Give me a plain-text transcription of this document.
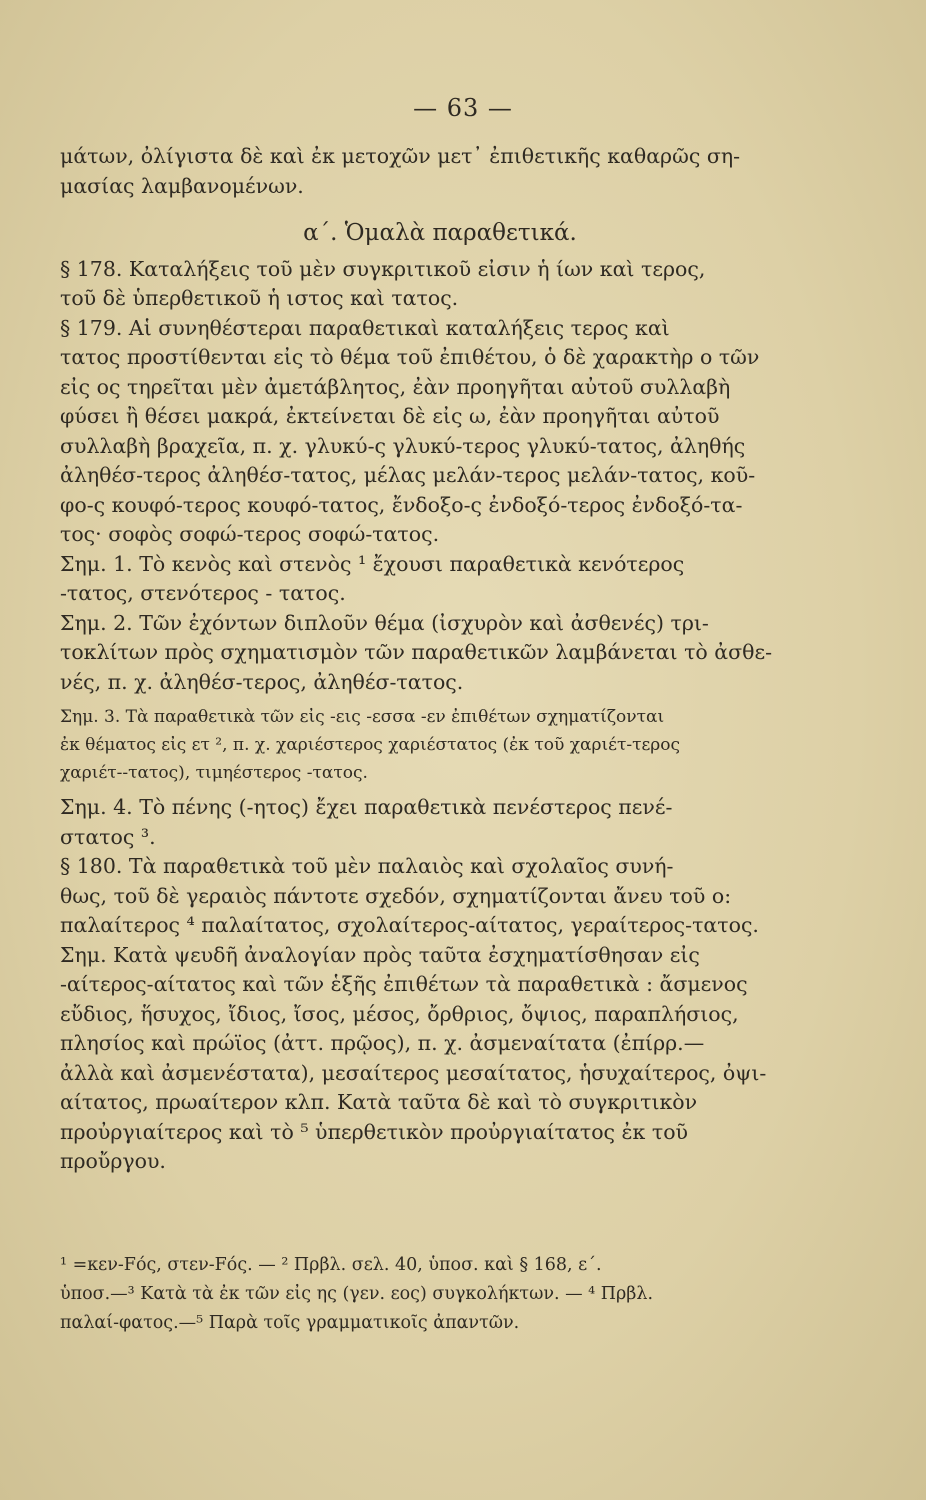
— 63 —
μάτων, ὀλίγιστα δὲ καὶ ἐκ μετοχῶν μετ᾽ ἐπιθετικῆς καθαρῶς ση-
μασίας λαμβανομένων.
α΄. Ὁμαλὰ παραθετικά.
§ 178. Καταλήξεις τοῦ μὲν συγκριτικοῦ εἰσιν ἡ ίων καὶ τερος,
τοῦ δὲ ὑπερθετικοῦ ἡ ιστος καὶ τατος.
§ 179. Αἱ συνηθέστεραι παραθετικαὶ καταλήξεις τερος καὶ
τατος προστίθενται εἰς τὸ θέμα τοῦ ἐπιθέτου, ὁ δὲ χαρακτὴρ ο τῶν
εἰς ος τηρεῖται μὲν ἀμετάβλητος, ἐὰν προηγῆται αὐτοῦ συλλαβὴ
φύσει ἢ θέσει μακρά, ἐκτείνεται δὲ εἰς ω, ἐὰν προηγῆται αὐτοῦ
συλλαβὴ βραχεῖα, π. χ. γλυκύ-ς γλυκύ-τερος γλυκύ-τατος, ἀληθής
ἀληθέσ-τερος ἀληθέσ-τατος, μέλας μελάν-τερος μελάν-τατος, κοῦ-
φο-ς κουφό-τερος κουφό-τατος, ἔνδοξο-ς ἐνδοξό-τερος ἐνδοξό-τα-
τος· σοφὸς σοφώ-τερος σοφώ-τατος.
Σημ. 1. Τὸ κενὸς καὶ στενὸς ¹ ἔχουσι παραθετικὰ κενότερος
-τατος, στενότερος - τατος.
Σημ. 2. Τῶν ἐχόντων διπλοῦν θέμα (ἰσχυρὸν καὶ ἀσθενές) τρι-
τοκλίτων πρὸς σχηματισμὸν τῶν παραθετικῶν λαμβάνεται τὸ ἀσθε-
νές, π. χ. ἀληθέσ-τερος, ἀληθέσ-τατος.
Σημ. 3. Τὰ παραθετικὰ τῶν εἰς -εις -εσσα -εν ἐπιθέτων σχηματίζονται
ἐκ θέματος εἰς ετ ², π. χ. χαριέστερος χαριέστατος (ἐκ τοῦ χαριέτ-τερος
χαριέτ--τατος), τιμηέστερος -τατος.
Σημ. 4. Τὸ πένης (-ητος) ἔχει παραθετικὰ πενέστερος πενέ-
στατος ³.
§ 180. Τὰ παραθετικὰ τοῦ μὲν παλαιὸς καὶ σχολαῖος συνή-
θως, τοῦ δὲ γεραιὸς πάντοτε σχεδόν, σχηματίζονται ἄνευ τοῦ ο:
παλαίτερος ⁴ παλαίτατος, σχολαίτερος-αίτατος, γεραίτερος-τατος.
Σημ. Κατὰ ψευδῆ ἀναλογίαν πρὸς ταῦτα ἐσχηματίσθησαν εἰς
-αίτερος-αίτατος καὶ τῶν ἑξῆς ἐπιθέτων τὰ παραθετικὰ : ἄσμενος
εὔδιος, ἥσυχος, ἴδιος, ἴσος, μέσος, ὄρθριος, ὄψιος, παραπλήσιος,
πλησίος καὶ πρώϊος (ἀττ. πρῷος), π. χ. ἀσμεναίτατα (ἐπίρρ.—
ἀλλὰ καὶ ἀσμενέστατα), μεσαίτερος μεσαίτατος, ἡσυχαίτερος, ὀψι-
αίτατος, πρωαίτερον κλπ. Κατὰ ταῦτα δὲ καὶ τὸ συγκριτικὸν
προὐργιαίτερος καὶ τὸ ⁵ ὑπερθετικὸν προὐργιαίτατος ἐκ τοῦ
προὔργου.
¹ =κεν-Fός, στεν-Fός. — ² Πρβλ. σελ. 40, ὑποσ. καὶ § 168, ε΄.
ὑποσ.—³ Κατὰ τὰ ἐκ τῶν εἰς ης (γεν. εος) συγκολήκτων. — ⁴ Πρβλ.
παλαί-φατος.—⁵ Παρὰ τοῖς γραμματικοῖς ἀπαντῶν.
